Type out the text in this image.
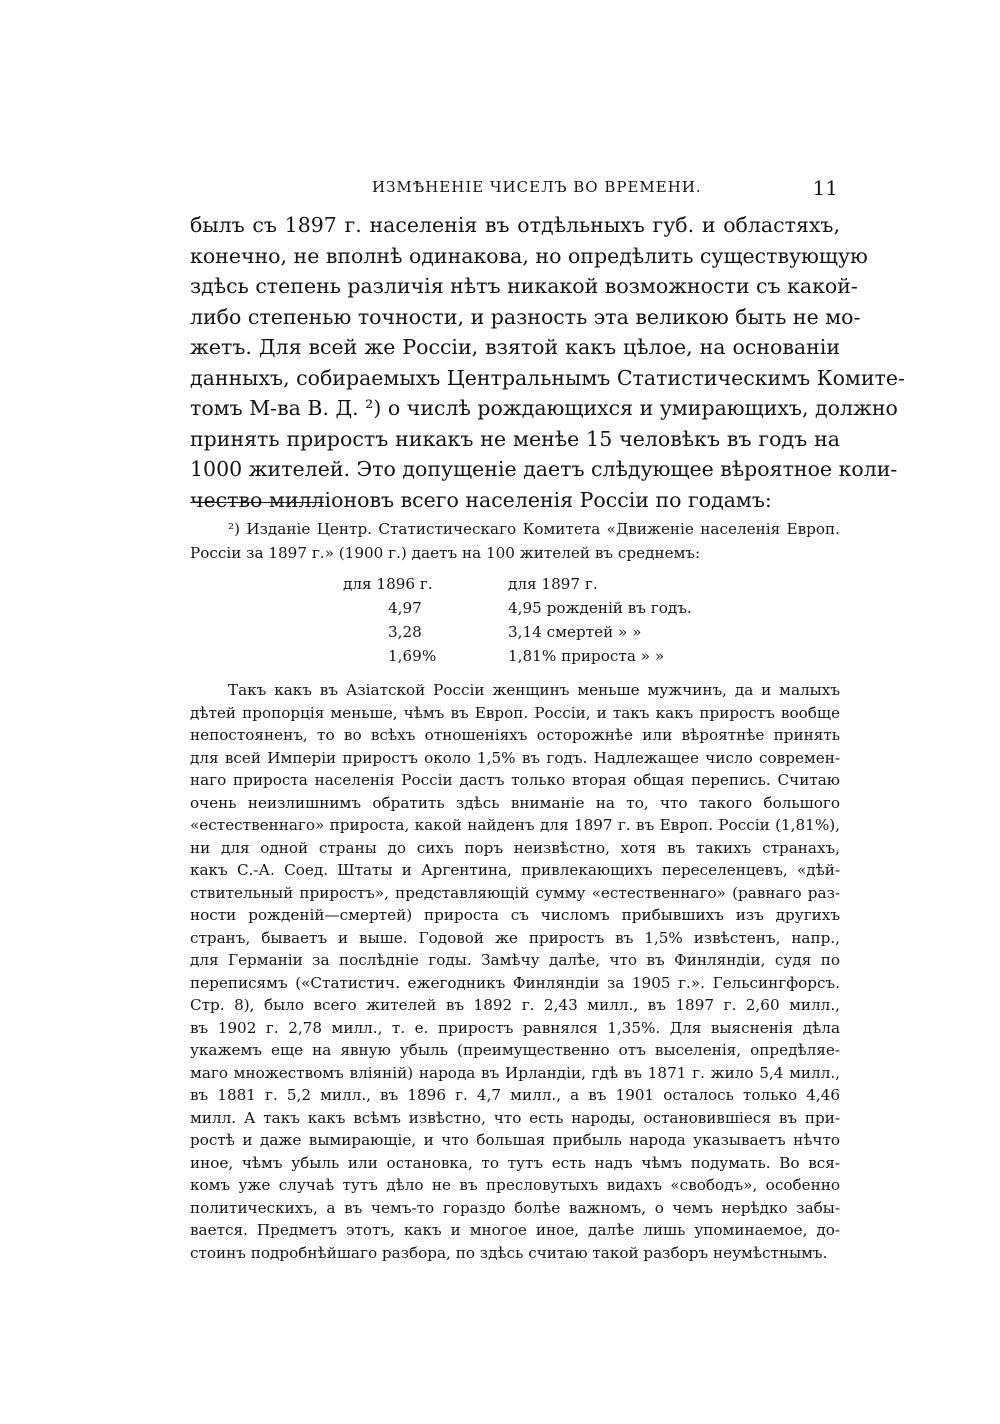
ИЗМѢНЕНІЕ ЧИСЕЛЪ ВО ВРЕМЕНИ.	11
былъ съ 1897 г. населенія въ отдѣльныхъ губ. и областяхъ,
конечно, не вполнѣ одинакова, но опредѣлить существующую
здѣсь степень различія нѣтъ никакой возможности съ какой-
либо степенью точности, и разность эта великою быть не мо-
жетъ. Для всей же Россіи, взятой какъ цѣлое, на основаніи
данныхъ, собираемыхъ Центральнымъ Статистическимъ Комите-
томъ М-ва В. Д. ²) о числѣ рождающихся и умирающихъ, должно
принять приростъ никакъ не менѣе 15 человѣкъ въ годъ на
1000 жителей. Это допущеніе даетъ слѣдующее вѣроятное коли-
чество милліоновъ всего населенія Россіи по годамъ:
²) Изданіе Центр. Статистическаго Комитета «Движеніе населенія Европ.
Россіи за 1897 г.» (1900 г.) даетъ на 100 жителей въ среднемъ:
для 1896 г.	для 1897 г.
4,97	4,95 рожденій въ годъ.
3,28	3,14 смертей » »
1,69%	1,81% прироста » »
Такъ какъ въ Азіатской Россіи женщинъ меньше мужчинъ, да и малыхъ
дѣтей пропорція меньше, чѣмъ въ Европ. Россіи, и такъ какъ приростъ вообще
непостояненъ, то во всѣхъ отношеніяхъ осторожнѣе или вѣроятнѣе принять
для всей Имперіи приростъ около 1,5% въ годъ. Надлежащее число современ-
наго прироста населенія Россіи дастъ только вторая общая перепись. Считаю
очень неизлишнимъ обратить здѣсь вниманіе на то, что такого большого
«естественнаго» прироста, какой найденъ для 1897 г. въ Европ. Россіи (1,81%),
ни для одной страны до сихъ поръ неизвѣстно, хотя въ такихъ странахъ,
какъ С.-А. Соед. Штаты и Аргентина, привлекающихъ переселенцевъ, «дѣй-
ствительный приростъ», представляющій сумму «естественнаго» (равнаго раз-
ности рожденій—смертей) прироста съ числомъ прибывшихъ изъ другихъ
странъ, бываетъ и выше. Годовой же приростъ въ 1,5% извѣстенъ, напр.,
для Германіи за послѣдніе годы. Замѣчу далѣе, что въ Финляндіи, судя по
переписямъ («Статистич. ежегодникъ Финляндіи за 1905 г.». Гельсингфорсъ.
Стр. 8), было всего жителей въ 1892 г. 2,43 милл., въ 1897 г. 2,60 милл.,
въ 1902 г. 2,78 милл., т. е. приростъ равнялся 1,35%. Для выясненія дѣла
укажемъ еще на явную убыль (преимущественно отъ выселенія, опредѣляе-
маго множествомъ вліяній) народа въ Ирландіи, гдѣ въ 1871 г. жило 5,4 милл.,
въ 1881 г. 5,2 милл., въ 1896 г. 4,7 милл., а въ 1901 осталось только 4,46
милл. А такъ какъ всѣмъ извѣстно, что есть народы, остановившіеся въ при-
ростѣ и даже вымирающіе, и что большая прибыль народа указываетъ нѣчто
иное, чѣмъ убыль или остановка, то тутъ есть надъ чѣмъ подумать. Во вся-
комъ уже случаѣ тутъ дѣло не въ пресловутыхъ видахъ «свободъ», особенно
политическихъ, а въ чемъ-то гораздо болѣе важномъ, о чемъ нерѣдко забы-
вается. Предметъ этотъ, какъ и многое иное, далѣе лишь упоминаемое, до-
стоинъ подробнѣйшаго разбора, по здѣсь считаю такой разборъ неумѣстнымъ.
